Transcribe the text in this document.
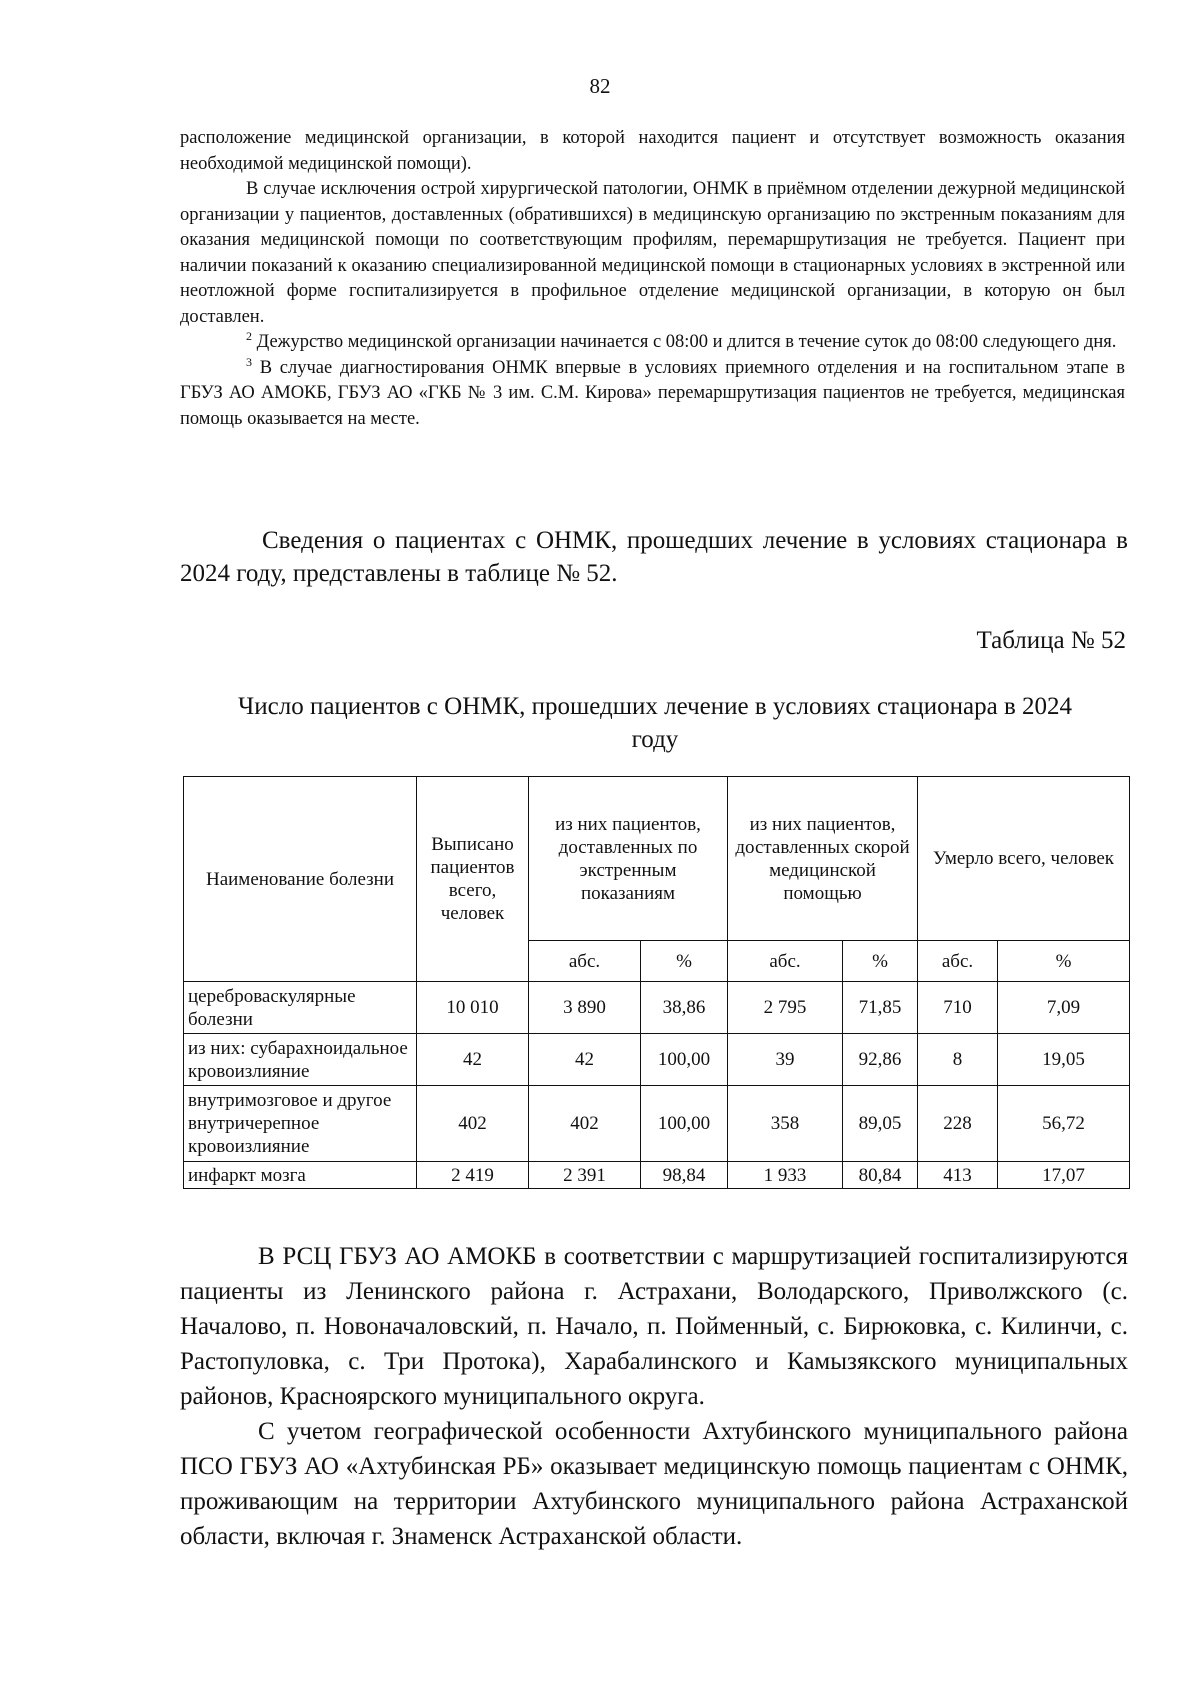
82

расположение медицинской организации, в которой находится пациент и отсутствует возможность оказания необходимой медицинской помощи).

В случае исключения острой хирургической патологии, ОНМК в приёмном отделении дежурной медицинской организации у пациентов, доставленных (обратившихся) в медицинскую организацию по экстренным показаниям для оказания медицинской помощи по соответствующим профилям, перемаршрутизация не требуется. Пациент при наличии показаний к оказанию специализированной медицинской помощи в стационарных условиях в экстренной или неотложной форме госпитализируется в профильное отделение медицинской организации, в которую он был доставлен.

$^2$ Дежурство медицинской организации начинается с 08:00 и длится в течение суток до 08:00 следующего дня.

$^3$ В случае диагностирования ОНМК впервые в условиях приемного отделения и на госпитальном этапе в ГБУЗ АО АМОКБ, ГБУЗ АО «ГКБ № 3 им. С.М. Кирова» перемаршрутизация пациентов не требуется, медицинская помощь оказывается на месте.

Сведения о пациентах с ОНМК, прошедших лечение в условиях стационара в 2024 году, представлены в таблице № 52.

Таблица № 52

Число пациентов с ОНМК, прошедших лечение в условиях стационара в 2024 году

Наименование болезни	Выписано пациентов всего, человек	из них пациентов, доставленных по экстренным показаниям		из них пациентов, доставленных скорой медицинской помощью		Умерло всего, человек	
		абс.	%	абс.	%	абс.	%
цереброваскулярные болезни	10 010	3 890	38,86	2 795	71,85	710	7,09
из них: субарахноидальное кровоизлияние	42	42	100,00	39	92,86	8	19,05
внутримозговое и другое внутричерепное кровоизлияние	402	402	100,00	358	89,05	228	56,72
инфаркт мозга	2 419	2 391	98,84	1 933	80,84	413	17,07

В РСЦ ГБУЗ АО АМОКБ в соответствии с маршрутизацией госпитализируются пациенты из Ленинского района г. Астрахани, Володарского, Приволжского (с. Началово, п. Новоначаловский, п. Начало, п. Пойменный, с. Бирюковка, с. Килинчи, с. Растопуловка, с. Три Протока), Харабалинского и Камызякского муниципальных районов, Красноярского муниципального округа.

С учетом географической особенности Ахтубинского муниципального района ПСО ГБУЗ АО «Ахтубинская РБ» оказывает медицинскую помощь пациентам с ОНМК, проживающим на территории Ахтубинского муниципального района Астраханской области, включая г. Знаменск Астраханской области.
